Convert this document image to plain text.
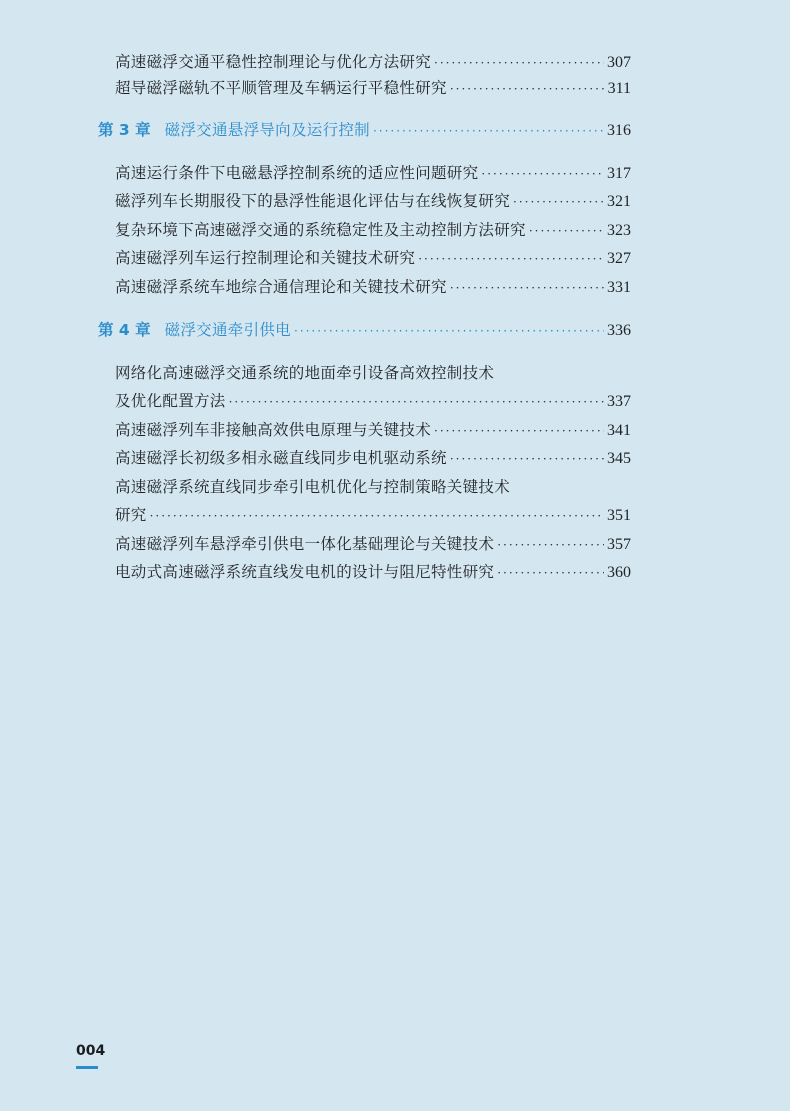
高速磁浮交通平稳性控制理论与优化方法研究 ·····	307
超导磁浮磁轨不平顺管理及车辆运行平稳性研究 ·····	311
第 3 章 磁浮交通悬浮导向及运行控制 ·····	316
高速运行条件下电磁悬浮控制系统的适应性问题研究 ·····	317
磁浮列车长期服役下的悬浮性能退化评估与在线恢复研究 ·····	321
复杂环境下高速磁浮交通的系统稳定性及主动控制方法研究 ·····	323
高速磁浮列车运行控制理论和关键技术研究 ·····	327
高速磁浮系统车地综合通信理论和关键技术研究 ·····	331
第 4 章 磁浮交通牵引供电 ·····	336
网络化高速磁浮交通系统的地面牵引设备高效控制技术
及优化配置方法 ·····	337
高速磁浮列车非接触高效供电原理与关键技术 ·····	341
高速磁浮长初级多相永磁直线同步电机驱动系统 ·····	345
高速磁浮系统直线同步牵引电机优化与控制策略关键技术
研究 ·····	351
高速磁浮列车悬浮牵引供电一体化基础理论与关键技术 ·····	357
电动式高速磁浮系统直线发电机的设计与阻尼特性研究 ·····	360
004
